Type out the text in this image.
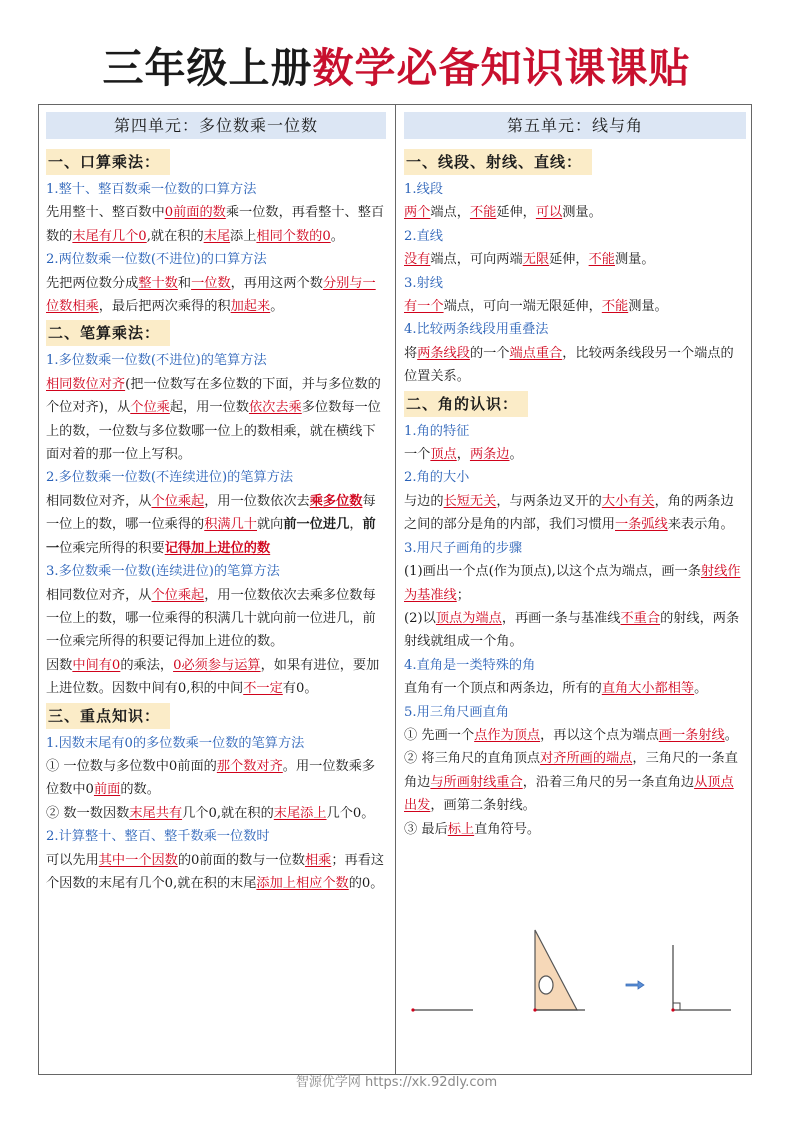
三年级上册数学必备知识课课贴
第四单元：多位数乘一位数
一、口算乘法：
1.整十、整百数乘一位数的口算方法

先用整十、整百数中0前面的数乘一位数，再看整十、整百数的末尾有几个0,就在积的末尾添上相同个数的0。

2.两位数乘一位数(不进位)的口算方法

先把两位数分成整十数和一位数，再用这两个数分别与一位数相乘，最后把两次乘得的积加起来。

二、笔算乘法：
1.多位数乘一位数(不进位)的笔算方法

相同数位对齐(把一位数写在多位数的下面，并与多位数的个位对齐)，从个位乘起，用一位数依次去乘多位数每一位上的数，一位数与多位数哪一位上的数相乘，就在横线下面对着的那一位上写积。

2.多位数乘一位数(不连续进位)的笔算方法

相同数位对齐，从个位乘起，用一位数依次去乘多位数每一位上的数，哪一位乘得的积满几十就向前一位进几，前一位乘完所得的积要记得加上进位的数

3.多位数乘一位数(连续进位)的笔算方法

相同数位对齐，从个位乘起，用一位数依次去乘多位数每一位上的数，哪一位乘得的积满几十就向前一位进几，前一位乘完所得的积要记得加上进位的数。

因数中间有0的乘法，0必须参与运算，如果有进位，要加上进位数。因数中间有0,积的中间不一定有0。

三、重点知识：
1.因数末尾有0的多位数乘一位数的笔算方法

① 一位数与多位数中0前面的那个数对齐。用一位数乘多位数中0前面的数。

② 数一数因数末尾共有几个0,就在积的末尾添上几个0。

2.计算整十、整百、整千数乘一位数时

可以先用其中一个因数的0前面的数与一位数相乘；再看这个因数的末尾有几个0,就在积的末尾添加上相应个数的0。

第五单元：线与角
一、线段、射线、直线：
1.线段

两个端点，不能延伸，可以测量。

2.直线

没有端点，可向两端无限延伸，不能测量。

3.射线

有一个端点，可向一端无限延伸，不能测量。

4.比较两条线段用重叠法

将两条线段的一个端点重合，比较两条线段另一个端点的位置关系。

二、角的认识：
1.角的特征

一个顶点，两条边。

2.角的大小

与边的长短无关，与两条边叉开的大小有关，角的两条边之间的部分是角的内部，我们习惯用一条弧线来表示角。

3.用尺子画角的步骤

(1)画出一个点(作为顶点),以这个点为端点，画一条射线作为基准线；

(2)以顶点为端点，再画一条与基准线不重合的射线，两条射线就组成一个角。

4.直角是一类特殊的角

直角有一个顶点和两条边，所有的直角大小都相等。

5.用三角尺画直角

① 先画一个点作为顶点，再以这个点为端点画一条射线。

② 将三角尺的直角顶点对齐所画的端点，三角尺的一条直角边与所画射线重合，沿着三角尺的另一条直角边从顶点出发，画第二条射线。

③ 最后标上直角符号。

智源优学网 https://xk.92dly.com
